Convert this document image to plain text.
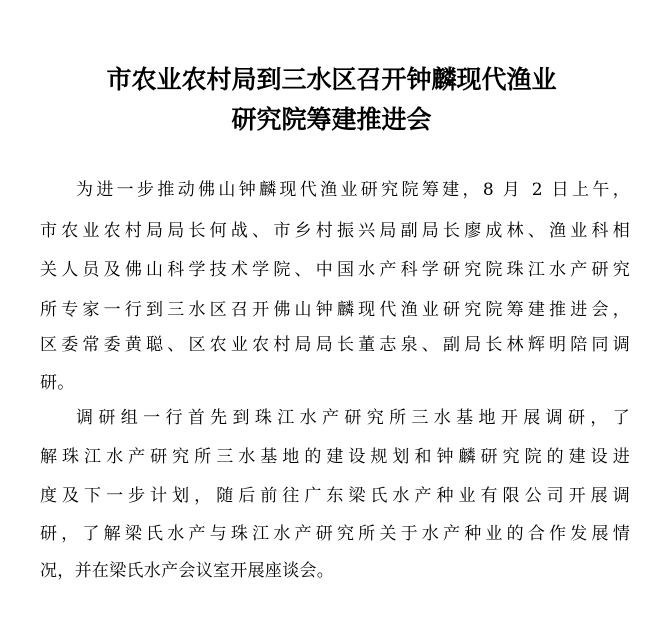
市农业农村局到三水区召开钟麟现代渔业
研究院筹建推进会
为进一步推动佛山钟麟现代渔业研究院筹建，8 月 2 日上午，
市农业农村局局长何战、市乡村振兴局副局长廖成林、渔业科相
关人员及佛山科学技术学院、中国水产科学研究院珠江水产研究
所专家一行到三水区召开佛山钟麟现代渔业研究院筹建推进会，
区委常委黄聪、区农业农村局局长董志泉、副局长林辉明陪同调
研。
调研组一行首先到珠江水产研究所三水基地开展调研，了
解珠江水产研究所三水基地的建设规划和钟麟研究院的建设进
度及下一步计划，随后前往广东梁氏水产种业有限公司开展调
研，了解梁氏水产与珠江水产研究所关于水产种业的合作发展情
况，并在梁氏水产会议室开展座谈会。
